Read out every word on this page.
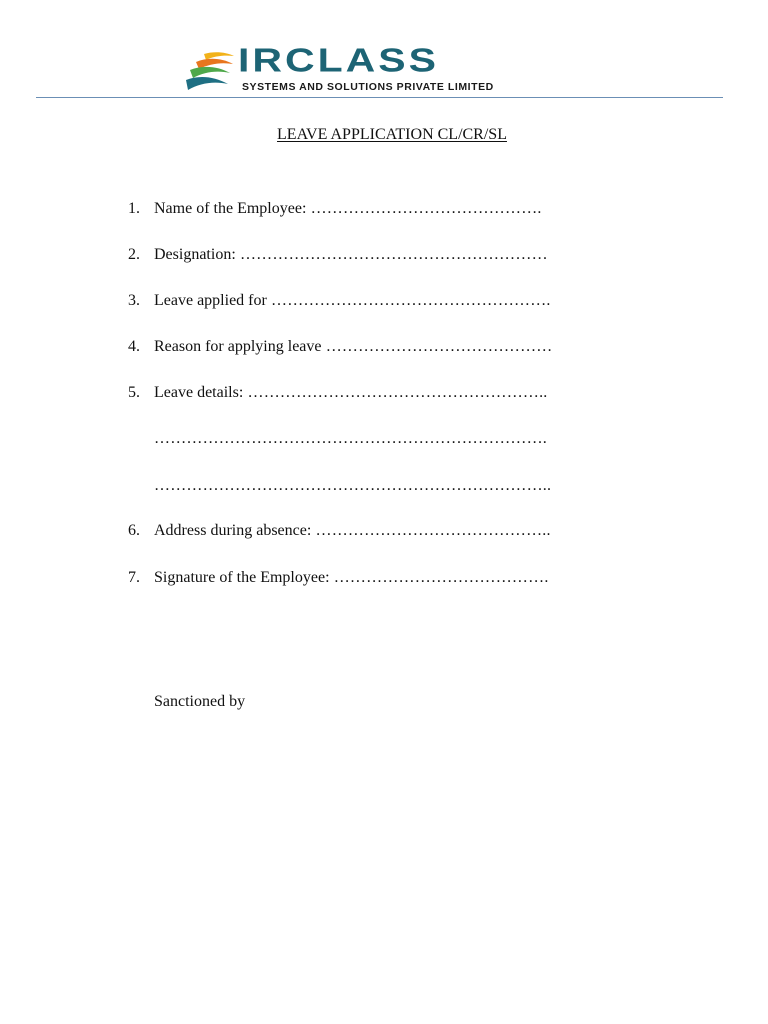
IRCLASS
SYSTEMS AND SOLUTIONS PRIVATE LIMITED
LEAVE APPLICATION CL/CR/SL
1. Name of the Employee: …………………………………….
2. Designation: …………………………………………………
3. Leave applied for …………………………………………….
4. Reason for applying leave ……………………………………
5. Leave details: ………………………………………………..
……………………………………………………………….
………………………………………………………………..
6. Address during absence: ……………………………………..
7. Signature of the Employee: ………………………………….
Sanctioned by
